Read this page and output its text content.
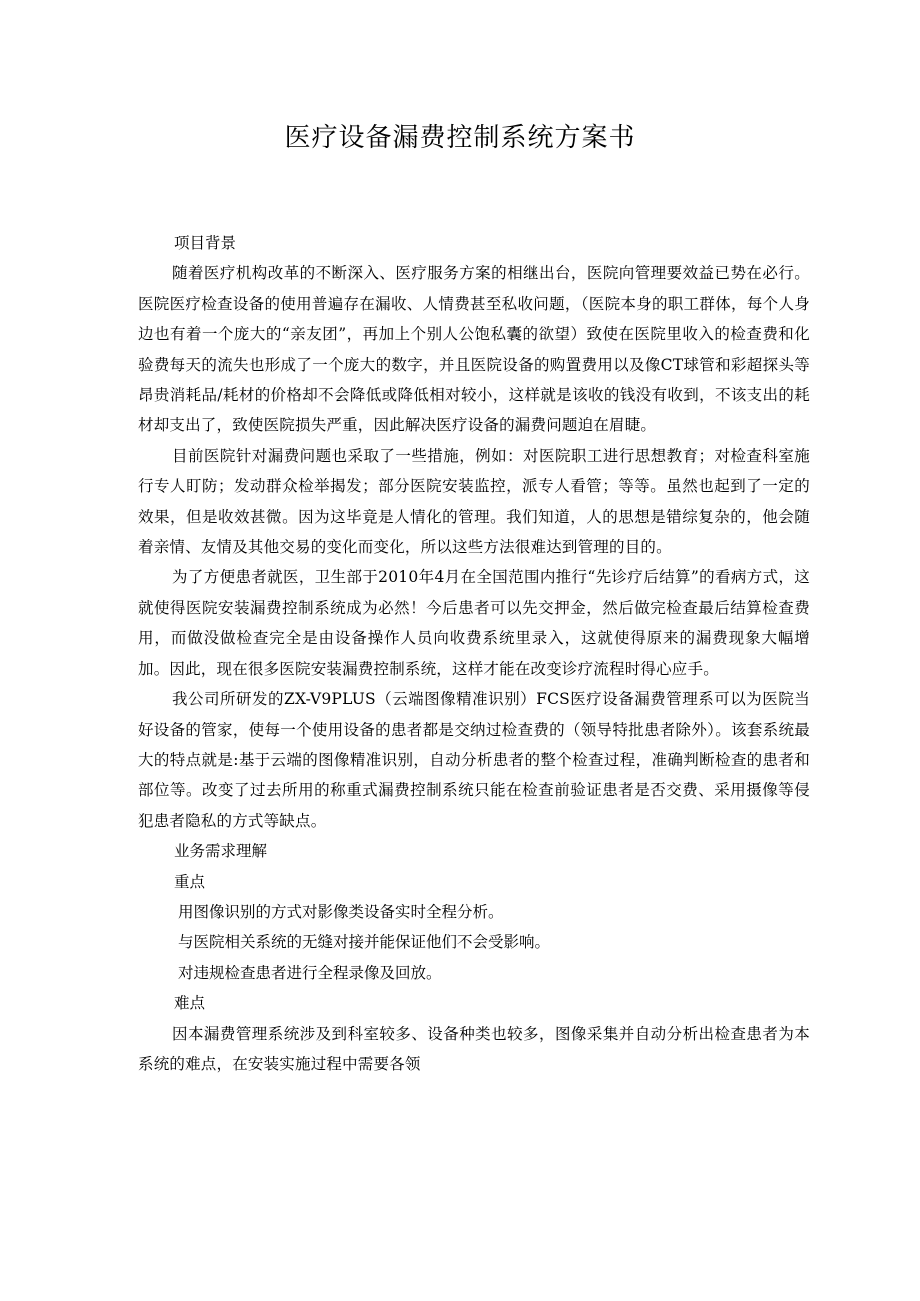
医疗设备漏费控制系统方案书

项目背景

随着医疗机构改革的不断深入、医疗服务方案的相继出台，医院向管理要效益已势在必行。医院医疗检查设备的使用普遍存在漏收、人情费甚至私收问题，（医院本身的职工群体，每个人身边也有着一个庞大的“亲友团”，再加上个别人公饱私囊的欲望）致使在医院里收入的检查费和化验费每天的流失也形成了一个庞大的数字，并且医院设备的购置费用以及像CT球管和彩超探头等昂贵消耗品/耗材的价格却不会降低或降低相对较小，这样就是该收的钱没有收到，不该支出的耗材却支出了，致使医院损失严重，因此解决医疗设备的漏费问题迫在眉睫。

目前医院针对漏费问题也采取了一些措施，例如：对医院职工进行思想教育；对检查科室施行专人盯防；发动群众检举揭发；部分医院安装监控，派专人看管；等等。虽然也起到了一定的效果，但是收效甚微。因为这毕竟是人情化的管理。我们知道，人的思想是错综复杂的，他会随着亲情、友情及其他交易的变化而变化，所以这些方法很难达到管理的目的。

为了方便患者就医，卫生部于2010年4月在全国范围内推行“先诊疗后结算”的看病方式，这就使得医院安装漏费控制系统成为必然！今后患者可以先交押金，然后做完检查最后结算检查费用，而做没做检查完全是由设备操作人员向收费系统里录入，这就使得原来的漏费现象大幅增加。因此，现在很多医院安装漏费控制系统，这样才能在改变诊疗流程时得心应手。

我公司所研发的ZX-V9PLUS（云端图像精准识别）FCS医疗设备漏费管理系可以为医院当好设备的管家，使每一个使用设备的患者都是交纳过检查费的（领导特批患者除外）。该套系统最大的特点就是:基于云端的图像精准识别，自动分析患者的整个检查过程，准确判断检查的患者和部位等。改变了过去所用的称重式漏费控制系统只能在检查前验证患者是否交费、采用摄像等侵犯患者隐私的方式等缺点。

业务需求理解

重点

用图像识别的方式对影像类设备实时全程分析。

与医院相关系统的无缝对接并能保证他们不会受影响。

对违规检查患者进行全程录像及回放。

难点

因本漏费管理系统涉及到科室较多、设备种类也较多，图像采集并自动分析出检查患者为本系统的难点，在安装实施过程中需要各领
